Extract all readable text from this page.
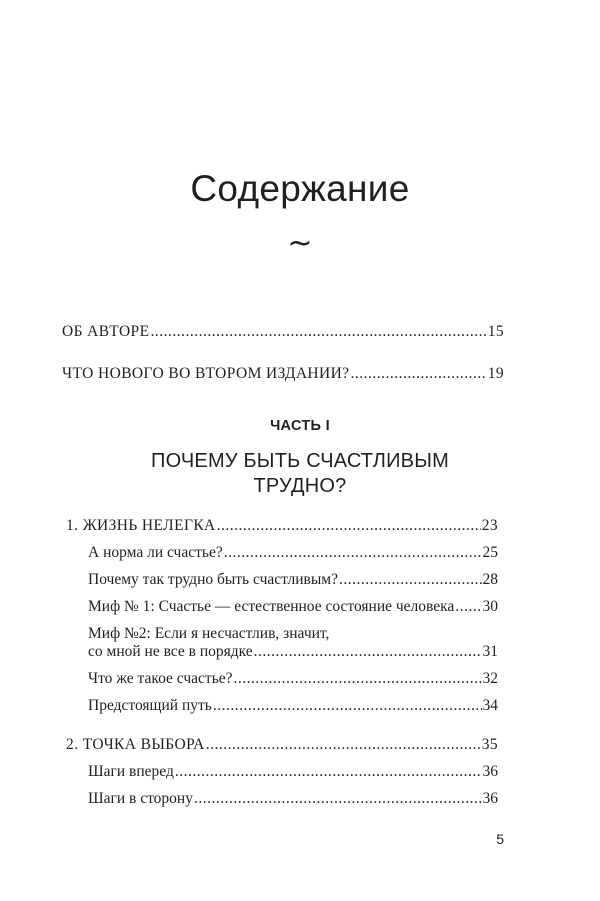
Содержание
~
ОБ АВТОРЕ .....	15
ЧТО НОВОГО ВО ВТОРОМ ИЗДАНИИ? .....	19
ЧАСТЬ I
ПОЧЕМУ БЫТЬ СЧАСТЛИВЫМ
ТРУДНО?
1. ЖИЗНЬ НЕЛЕГКА .....	23
А норма ли счастье? .....	25
Почему так трудно быть счастливым? .....	28
Миф № 1: Счастье — естественное состояние человека ..... 30
Миф №2: Если я несчастлив, значит,
со мной не все в порядке .....	31
Что же такое счастье? .....	32
Предстоящий путь .....	34
2. ТОЧКА ВЫБОРА .....	35
Шаги вперед .....	36
Шаги в сторону .....	36
5
